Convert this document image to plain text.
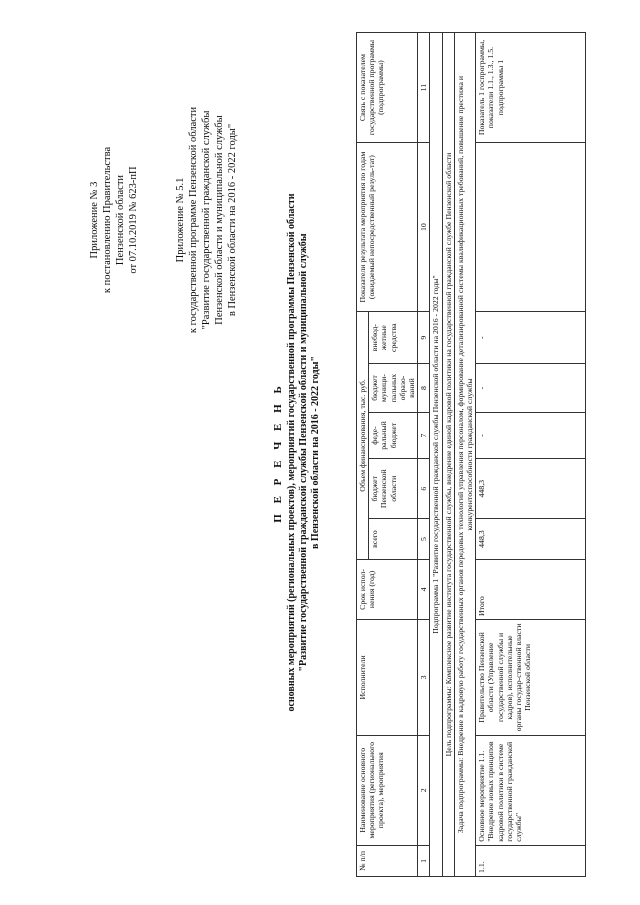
Приложение № 3 к постановлению Правительства Пензенской области от 07.10.2019 № 623-пП	Приложение № 5.1 к государственной программе Пензенской области "Развитие государственной гражданской службы Пензенской области и муниципальной службы в Пензенской области на 2016 - 2022 годы"
П Е Р Е Ч Е Н Ь основных мероприятий (региональных проектов), мероприятий государственной программы Пензенской области "Развитие государственной гражданской службы Пензенской области и муниципальной службы в Пензенской области на 2016 - 2022 годы"
№ п/п	Наименование основного мероприятия (регионального проекта), мероприятия	Исполнители	Срок испол-нения (год)	Объем финансирования, тыс. руб.					Показатели результата мероприятия по годам (ожидаемый непосредственный резуль-тат)	Связь с показателем государственной программы (подпрограммы)
				всего	бюджет Пензенской области	феде-ральный бюджет	бюджет муници-пальных образо-ваний	внебюд-жетные средства		
1	2	3	4	5	6	7	8	9	10	11
Подпрограмма 1 "Развитие государственной гражданской службы Пензенской области на 2016 - 2022 годы"										
Цель подпрограммы: Комплексное развитие института государственной службы, внедрение единой кадровой политики на государственной гражданской службе Пензенской области										
Задача подпрограммы: Внедрение в кадровую работу государственных органов передовых технологий управления персоналом, формирование детализированной системы квалификационных требований, повышение престижа и конкурентоспособности гражданской службы										
1.1.	Основное мероприятие 1.1. "Внедрение новых принципов кадровой политики в системе государственной гражданской службы"	Правительство Пензенской области (Управление государственной службы и кадров), исполнительные органы государ-ственной власти Пензенской области	Итого	448,3	448,3	-	-	-		Показатель 1 госпрограммы, показатели 1.1., 1.3., 1.5. подпрограммы 1
